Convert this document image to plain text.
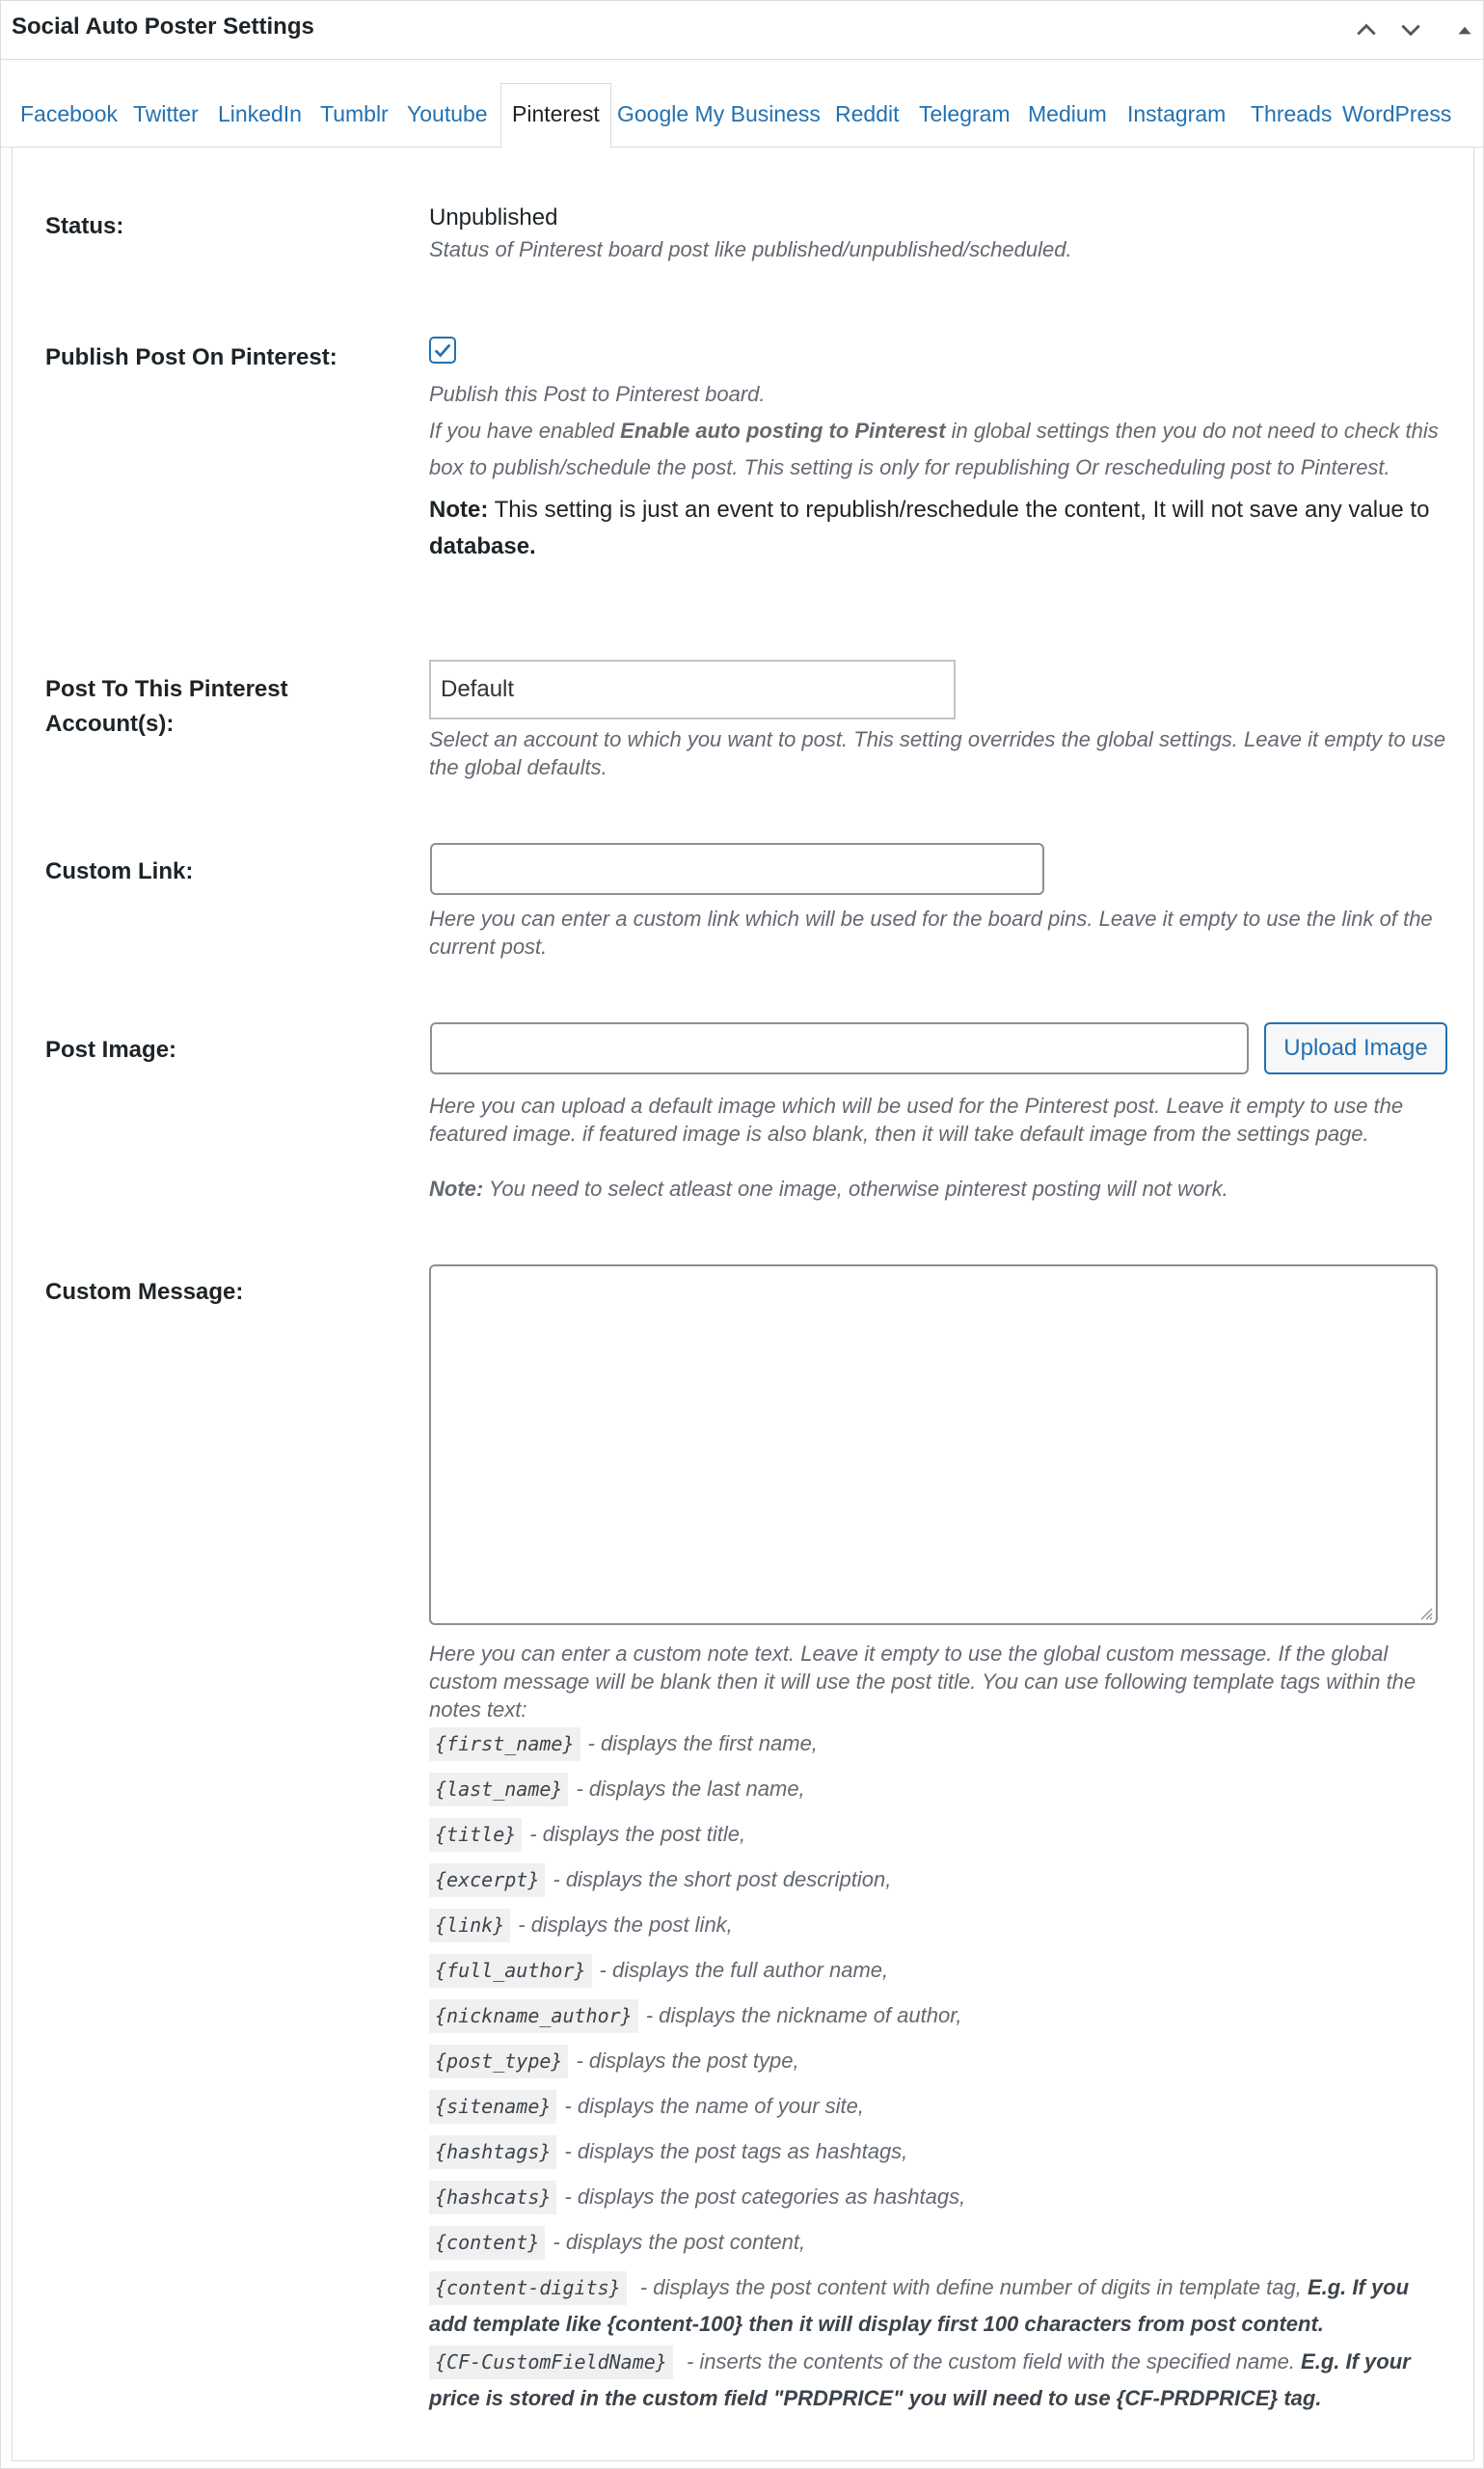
Social Auto Poster Settings
Facebook Twitter LinkedIn Tumblr Youtube	Pinterest Google My Business Reddit Telegram Medium Instagram	Threads WordPress
Status:	Unpublished
Status of Pinterest board post like published/unpublished/scheduled.
Publish Post On Pinterest:
Publish this Post to Pinterest board.
If you have enabled Enable auto posting to Pinterest in global settings then you do not need to check this box to publish/schedule the post. This setting is only for republishing Or rescheduling post to Pinterest.
Note: This setting is just an event to republish/reschedule the content, It will not save any value to database.
Post To This Pinterest Account(s):
Default
Select an account to which you want to post. This setting overrides the global settings. Leave it empty to use the global defaults.
Custom Link:
Here you can enter a custom link which will be used for the board pins. Leave it empty to use the link of the current post.
Post Image:	Upload Image
Here you can upload a default image which will be used for the Pinterest post. Leave it empty to use the featured image. if featured image is also blank, then it will take default image from the settings page.
Note: You need to select atleast one image, otherwise pinterest posting will not work.
Custom Message:
Here you can enter a custom note text. Leave it empty to use the global custom message. If the global custom message will be blank then it will use the post title. You can use following template tags within the notes text:
{first_name} - displays the first name,
{last_name} - displays the last name,
{title} - displays the post title,
{excerpt} - displays the short post description,
{link} - displays the post link,
{full_author} - displays the full author name,
{nickname_author} - displays the nickname of author,
{post_type} - displays the post type,
{sitename} - displays the name of your site,
{hashtags} - displays the post tags as hashtags,
{hashcats} - displays the post categories as hashtags,
{content} - displays the post content,
{content-digits} - displays the post content with define number of digits in template tag, E.g. If you add template like {content-100} then it will display first 100 characters from post content.
{CF-CustomFieldName} - inserts the contents of the custom field with the specified name. E.g. If your price is stored in the custom field "PRDPRICE" you will need to use {CF-PRDPRICE} tag.
